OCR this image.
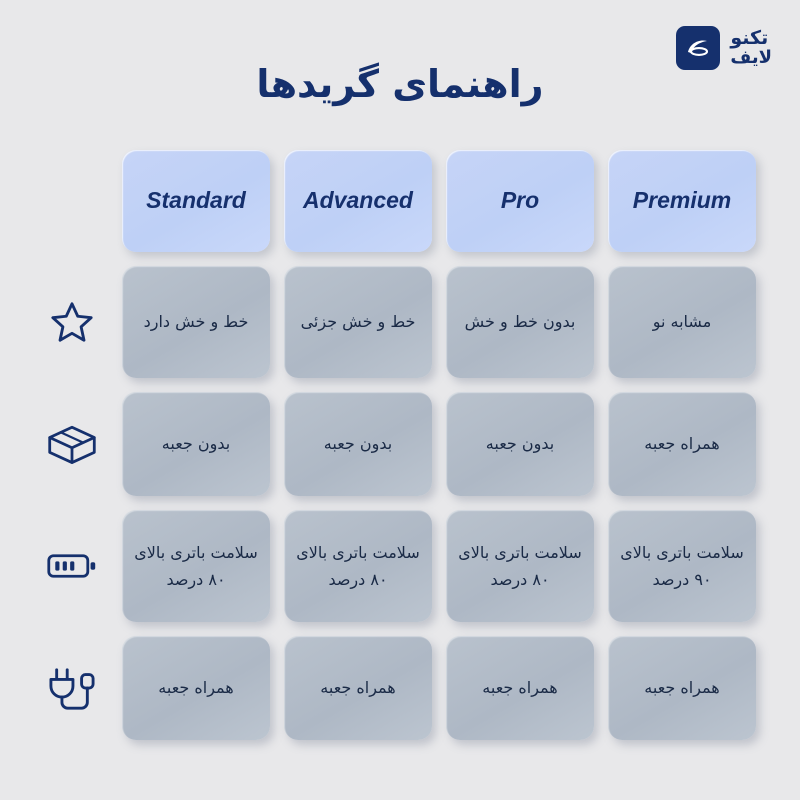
تکنو
لایف
راهنمای گریدها
Premium
Pro
Advanced
Standard
مشابه نو
بدون خط و خش
خط و خش جزئی
خط و خش دارد
همراه جعبه
بدون جعبه
بدون جعبه
بدون جعبه
سلامت باتری بالای ۹۰ درصد
سلامت باتری بالای ۸۰ درصد
سلامت باتری بالای ۸۰ درصد
سلامت باتری بالای ۸۰ درصد
همراه جعبه
همراه جعبه
همراه جعبه
همراه جعبه
